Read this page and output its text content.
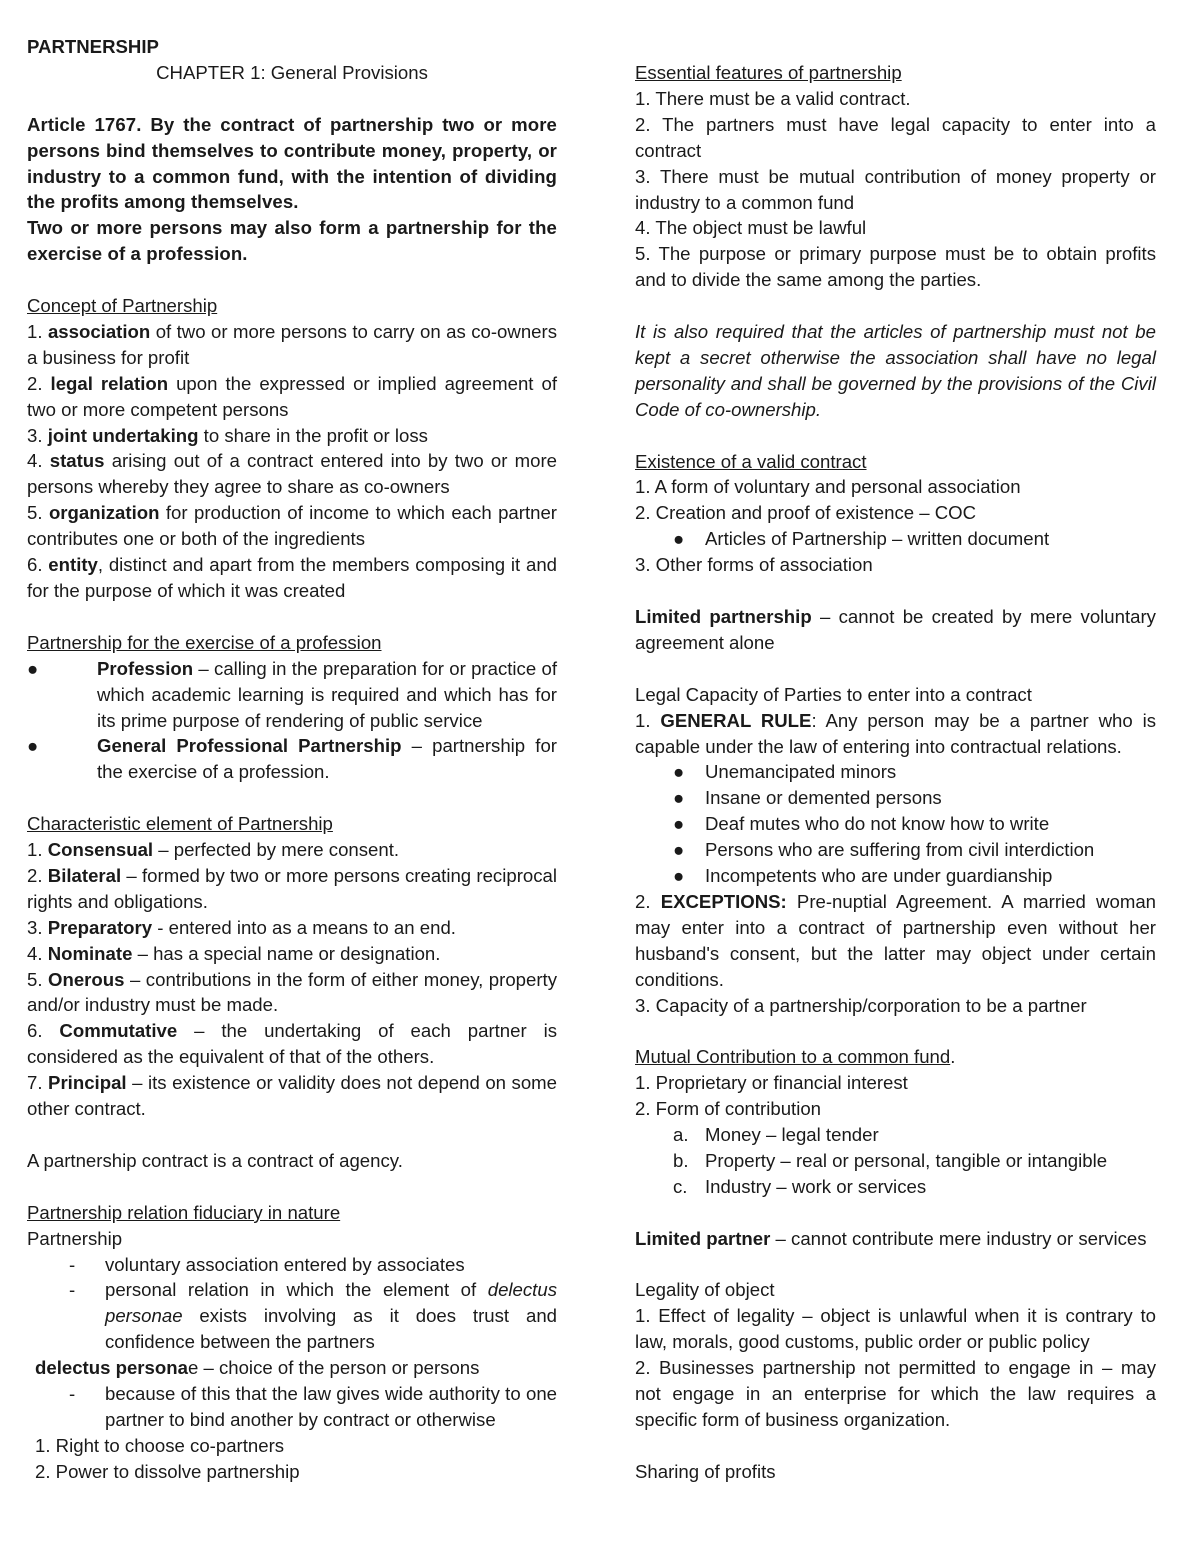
PARTNERSHIP

CHAPTER 1: General Provisions

Article 1767. By the contract of partnership two or more persons bind themselves to contribute money, property, or industry to a common fund, with the intention of dividing the profits among themselves.

Two or more persons may also form a partnership for the exercise of a profession.

Concept of Partnership

1. association of two or more persons to carry on as co-owners a business for profit

2. legal relation upon the expressed or implied agreement of two or more competent persons

3. joint undertaking to share in the profit or loss

4. status arising out of a contract entered into by two or more persons whereby they agree to share as co-owners

5. organization for production of income to which each partner contributes one or both of the ingredients

6. entity, distinct and apart from the members composing it and for the purpose of which it was created

Partnership for the exercise of a profession

●	Profession – calling in the preparation for or practice of which academic learning is required and which has for its prime purpose of rendering of public service

●	General Professional Partnership – partnership for the exercise of a profession.

Characteristic element of Partnership

1. Consensual – perfected by mere consent.

2. Bilateral – formed by two or more persons creating reciprocal rights and obligations.

3. Preparatory - entered into as a means to an end.

4. Nominate – has a special name or designation.

5. Onerous – contributions in the form of either money, property and/or industry must be made.

6. Commutative – the undertaking of each partner is considered as the equivalent of that of the others.

7. Principal – its existence or validity does not depend on some other contract.

A partnership contract is a contract of agency.

Partnership relation fiduciary in nature

Partnership

- voluntary association entered by associates

- personal relation in which the element of delectus personae exists involving as it does trust and confidence between the partners

delectus personae – choice of the person or persons

- because of this that the law gives wide authority to one partner to bind another by contract or otherwise

1. Right to choose co-partners

2. Power to dissolve partnership

Essential features of partnership

1. There must be a valid contract.

2. The partners must have legal capacity to enter into a contract

3. There must be mutual contribution of money property or industry to a common fund

4. The object must be lawful

5. The purpose or primary purpose must be to obtain profits and to divide the same among the parties.

It is also required that the articles of partnership must not be kept a secret otherwise the association shall have no legal personality and shall be governed by the provisions of the Civil Code of co-ownership.

Existence of a valid contract

1. A form of voluntary and personal association

2. Creation and proof of existence – COC

● Articles of Partnership – written document

3. Other forms of association

Limited partnership – cannot be created by mere voluntary agreement alone

Legal Capacity of Parties to enter into a contract

1. GENERAL RULE: Any person may be a partner who is capable under the law of entering into contractual relations.

● Unemancipated minors

● Insane or demented persons

● Deaf mutes who do not know how to write

● Persons who are suffering from civil interdiction

● Incompetents who are under guardianship

2. EXCEPTIONS: Pre-nuptial Agreement. A married woman may enter into a contract of partnership even without her husband's consent, but the latter may object under certain conditions.

3. Capacity of a partnership/corporation to be a partner

Mutual Contribution to a common fund.

1. Proprietary or financial interest

2. Form of contribution

a. Money – legal tender

b. Property – real or personal, tangible or intangible

c. Industry – work or services

Limited partner – cannot contribute mere industry or services

Legality of object

1. Effect of legality – object is unlawful when it is contrary to law, morals, good customs, public order or public policy

2. Businesses partnership not permitted to engage in – may not engage in an enterprise for which the law requires a specific form of business organization.

Sharing of profits
